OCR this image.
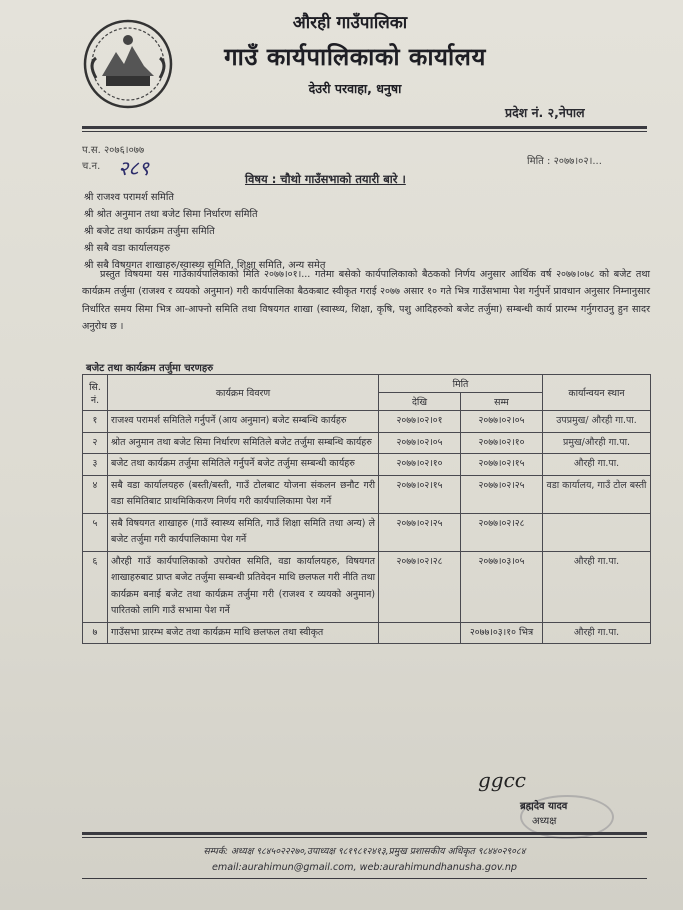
औरही गाउँपालिका
गाउँ कार्यपालिकाको कार्यालय
देउरी परवाहा, धनुषा
प्रदेश नं. २,नेपाल
प.स. २०७६।०७७
च.न. २८९	मिति : २०७७।०२।...
विषय : चौथो गाउँसभाको तयारी बारे ।
श्री राजश्व परामर्श समिति
श्री श्रोत अनुमान तथा बजेट सिमा निर्धारण समिति
श्री बजेट तथा कार्यक्रम तर्जुमा समिति
श्री सबै वडा कार्यालयहरु
श्री सबै विषयगत शाखाहरु/स्वास्थ्य समिति, शिक्षा समिति, अन्य समेत
प्रस्तुत विषयमा यस गाउँकार्यपालिकाको मिति २०७७।०१।... गतेमा बसेको कार्यपालिकाको बैठकको निर्णय अनुसार आर्थिक वर्ष २०७७।०७८ को बजेट तथा कार्यक्रम तर्जुमा (राजश्व र व्ययको अनुमान) गरी कार्यपालिका बैठकबाट स्वीकृत गराई २०७७ असार १० गते भित्र गाउँसभामा पेश गर्नुपर्ने प्रावधान अनुसार निम्नानुसार निर्धारित समय सिमा भित्र आ-आफ्नो समिति तथा विषयगत शाखा (स्वास्थ्य, शिक्षा, कृषि, पशु आदिहरुको बजेट तर्जुमा) सम्बन्धी कार्य प्रारम्भ गर्नुगराउनु हुन सादर अनुरोध छ ।
बजेट तथा कार्यक्रम तर्जुमा चरणहरु
सि. नं.	कार्यक्रम विवरण	मिति		कार्यान्वयन स्थान
		देखि	सम्म	
१	राजश्व परामर्श समितिले गर्नुपर्ने (आय अनुमान) बजेट सम्बन्धि कार्यहरु	२०७७।०२।०१	२०७७।०२।०५	उपप्रमुख/ औरही गा.पा.
२	श्रोत अनुमान तथा बजेट सिमा निर्धारण समितिले बजेट तर्जुमा सम्बन्धि कार्यहरु	२०७७।०२।०५	२०७७।०२।१०	प्रमुख/औरही गा.पा.
३	बजेट तथा कार्यक्रम तर्जुमा समितिले गर्नुपर्ने बजेट तर्जुमा सम्बन्धी कार्यहरु	२०७७।०२।१०	२०७७।०२।१५	औरही गा.पा.
४	सबै वडा कार्यालयहरु (बस्ती/बस्ती, गाउँ टोलबाट योजना संकलन छनौट गरी वडा समितिबाट प्राथमिकिकरण निर्णय गरी कार्यपालिकामा पेश गर्ने	२०७७।०२।१५	२०७७।०२।२५	वडा कार्यालय, गाउँ टोल बस्ती
५	सबै विषयगत शाखाहरु (गाउँ स्वास्थ्य समिति, गाउँ शिक्षा समिति तथा अन्य) ले बजेट तर्जुमा गरी कार्यपालिकामा पेश गर्ने	२०७७।०२।२५	२०७७।०२।२८	
६	औरही गाउँ कार्यपालिकाको उपरोक्त समिति, वडा कार्यालयहरु, विषयगत शाखाहरुबाट प्राप्त बजेट तर्जुमा सम्बन्धी प्रतिवेदन माथि छलफल गरी नीति तथा कार्यक्रम बनाई बजेट तथा कार्यक्रम तर्जुमा गरी (राजश्व र व्ययको अनुमान) पारितको लागि गाउँ सभामा पेश गर्ने	२०७७।०२।२८	२०७७।०३।०५	औरही गा.पा.
७	गाउँसभा प्रारम्भ बजेट तथा कार्यक्रम माथि छलफल तथा स्वीकृत		२०७७।०३।१० भित्र	औरही गा.पा.
ggcc
ब्रह्मदेव यादव
अध्यक्ष
सम्पर्क: अध्यक्ष ९८४५०२२२७०,उपाध्यक्ष ९८१९८१२४१३,प्रमुख प्रशासकीय अधिकृत ९८४४०२९०८४
email:aurahimun@gmail.com, web:aurahimundhanusha.gov.np
